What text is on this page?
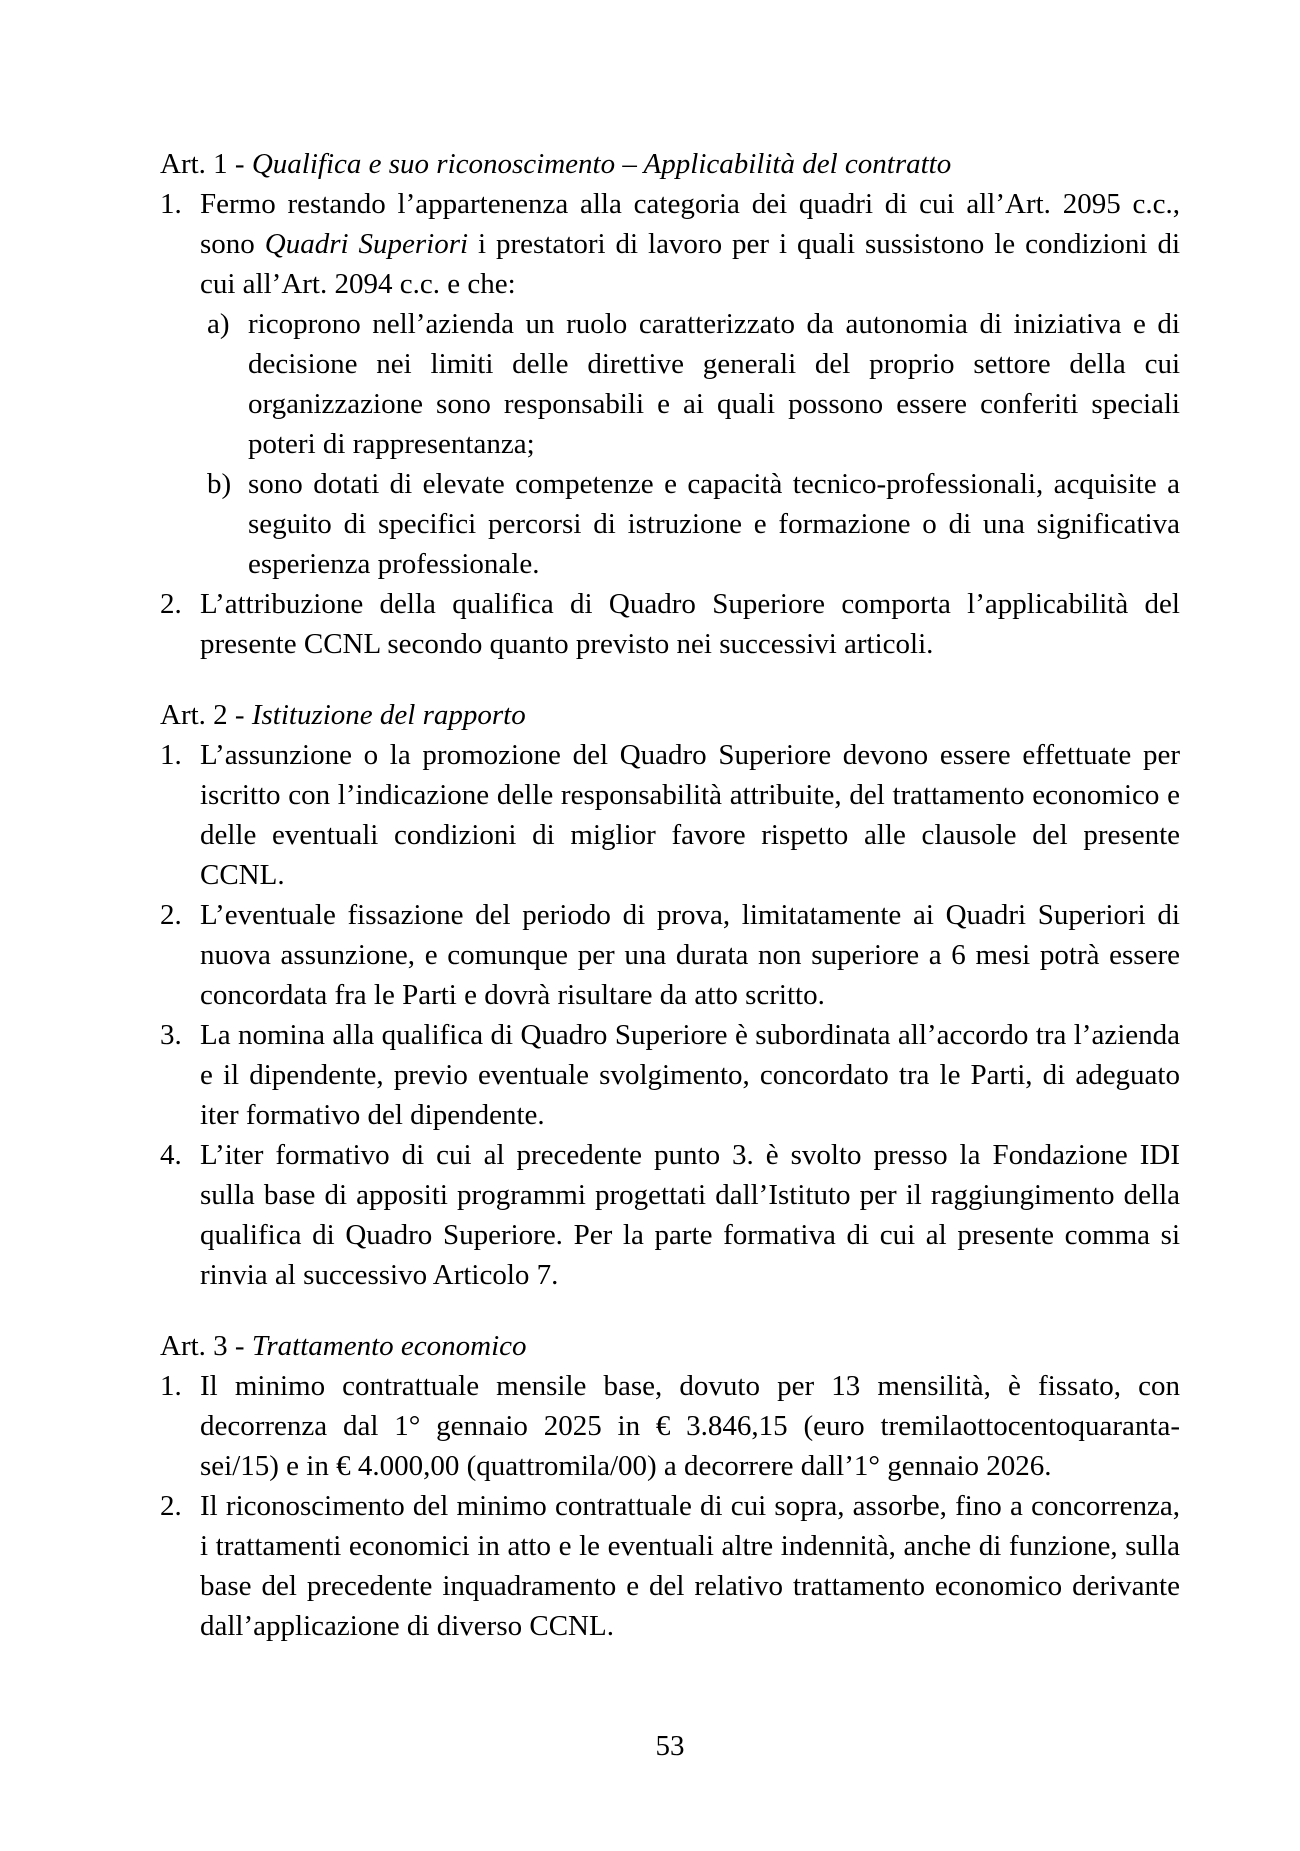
Art. 1 - Qualifica e suo riconoscimento – Applicabilità del contratto
1. Fermo restando l’appartenenza alla categoria dei quadri di cui all’Art. 2095 c.c., sono Quadri Superiori i prestatori di lavoro per i quali sussistono le condizioni di cui all’Art. 2094 c.c. e che:
a) ricoprono nell’azienda un ruolo caratterizzato da autonomia di iniziativa e di decisione nei limiti delle direttive generali del proprio settore della cui organizzazione sono responsabili e ai quali possono essere conferiti speciali poteri di rappresentanza;
b) sono dotati di elevate competenze e capacità tecnico-professionali, acquisite a seguito di specifici percorsi di istruzione e formazione o di una significativa esperienza professionale.
2. L’attribuzione della qualifica di Quadro Superiore comporta l’applicabilità del presente CCNL secondo quanto previsto nei successivi articoli.
Art. 2 - Istituzione del rapporto
1. L’assunzione o la promozione del Quadro Superiore devono essere effettuate per iscritto con l’indicazione delle responsabilità attribuite, del trattamento economico e delle eventuali condizioni di miglior favore rispetto alle clausole del presente CCNL.
2. L’eventuale fissazione del periodo di prova, limitatamente ai Quadri Superiori di nuova assunzione, e comunque per una durata non superiore a 6 mesi potrà essere concordata fra le Parti e dovrà risultare da atto scritto.
3. La nomina alla qualifica di Quadro Superiore è subordinata all’accordo tra l’azienda e il dipendente, previo eventuale svolgimento, concordato tra le Parti, di adeguato iter formativo del dipendente.
4. L’iter formativo di cui al precedente punto 3. è svolto presso la Fondazione IDI sulla base di appositi programmi progettati dall’Istituto per il raggiungimento della qualifica di Quadro Superiore. Per la parte formativa di cui al presente comma si rinvia al successivo Articolo 7.
Art. 3 - Trattamento economico
1. Il minimo contrattuale mensile base, dovuto per 13 mensilità, è fissato, con decorrenza dal 1° gennaio 2025 in € 3.846,15 (euro tremilaottocentoquaranta-sei/15) e in € 4.000,00 (quattromila/00) a decorrere dall’1° gennaio 2026.
2. Il riconoscimento del minimo contrattuale di cui sopra, assorbe, fino a concorrenza, i trattamenti economici in atto e le eventuali altre indennità, anche di funzione, sulla base del precedente inquadramento e del relativo trattamento economico derivante dall’applicazione di diverso CCNL.
53
